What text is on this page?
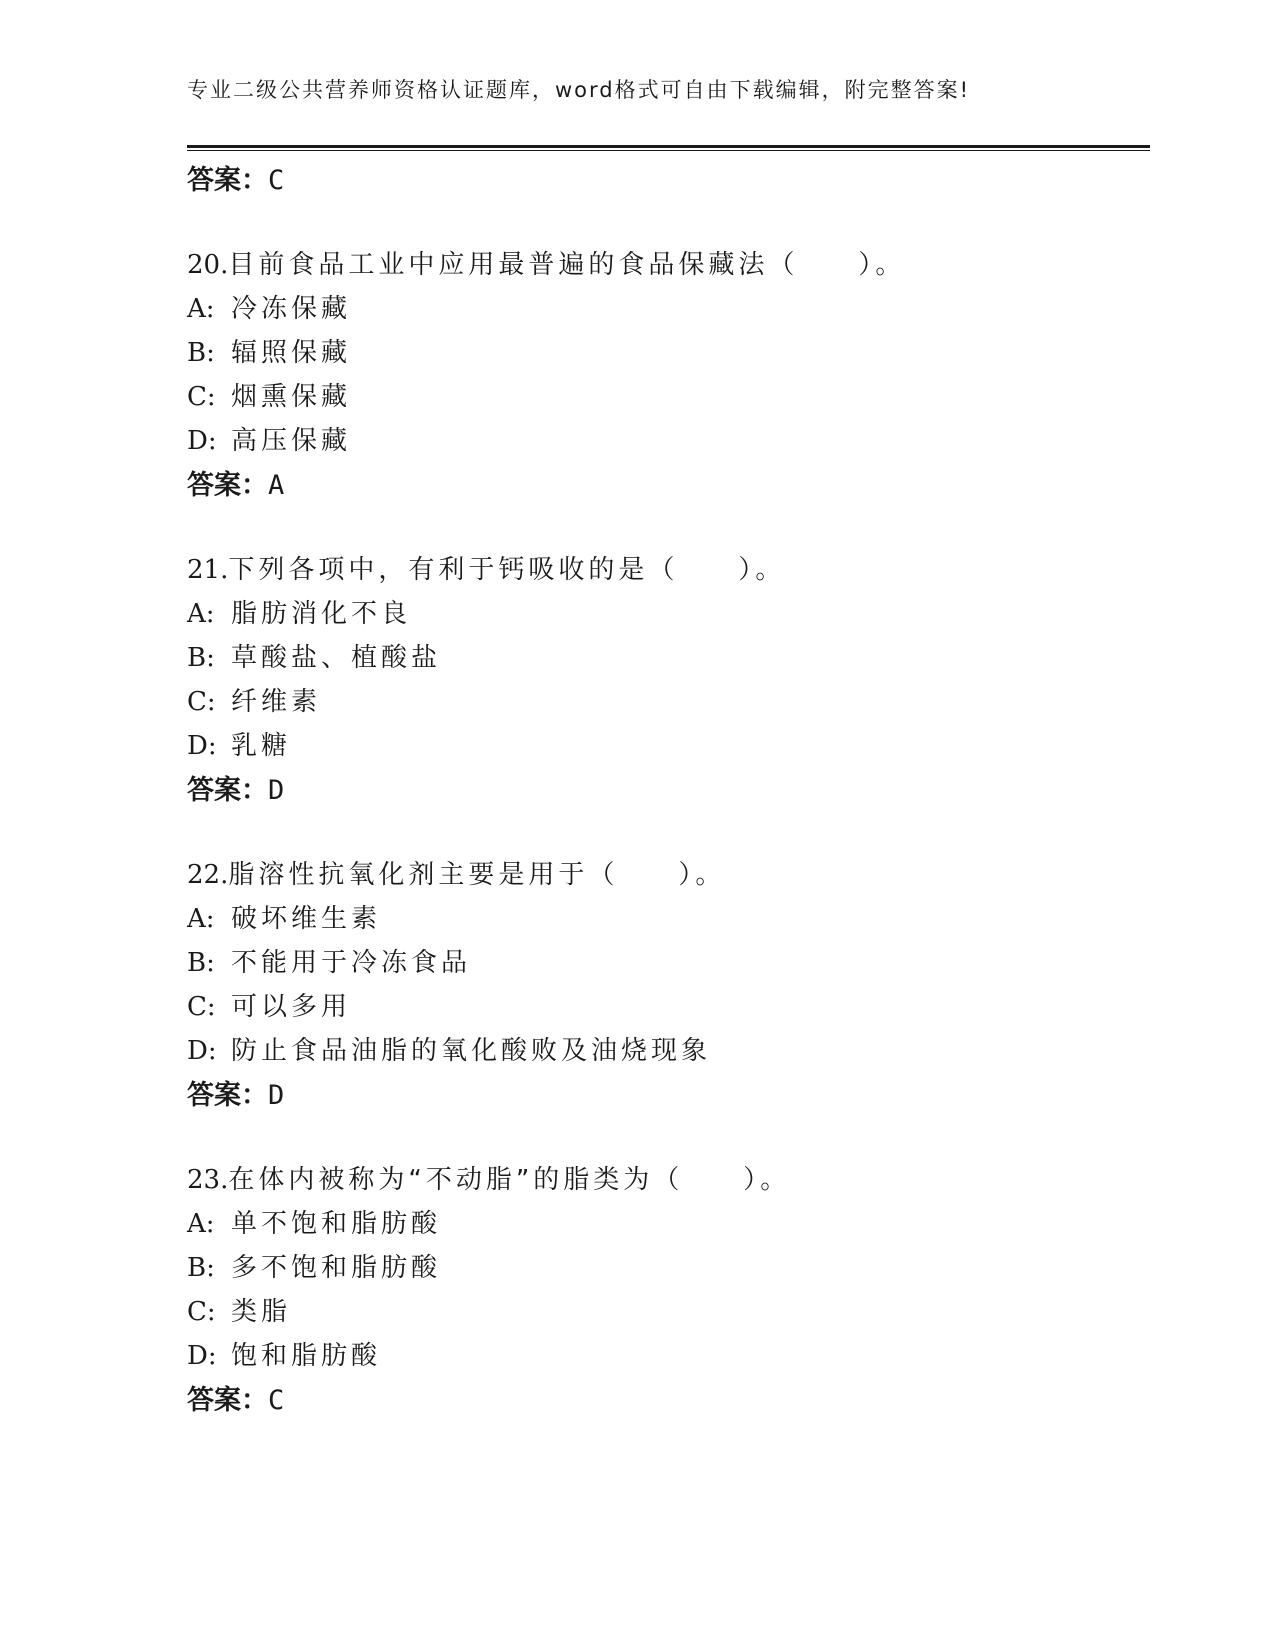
专业二级公共营养师资格认证题库，word格式可自由下载编辑，附完整答案!
答案：C
20.目前食品工业中应用最普遍的食品保藏法（　　）。
A: 冷冻保藏
B: 辐照保藏
C: 烟熏保藏
D: 高压保藏
答案：A
21.下列各项中，有利于钙吸收的是（　　）。
A: 脂肪消化不良
B: 草酸盐、植酸盐
C: 纤维素
D: 乳糖
答案：D
22.脂溶性抗氧化剂主要是用于（　　）。
A: 破坏维生素
B: 不能用于冷冻食品
C: 可以多用
D: 防止食品油脂的氧化酸败及油烧现象
答案：D
23.在体内被称为“不动脂”的脂类为（　　）。
A: 单不饱和脂肪酸
B: 多不饱和脂肪酸
C: 类脂
D: 饱和脂肪酸
答案：C
